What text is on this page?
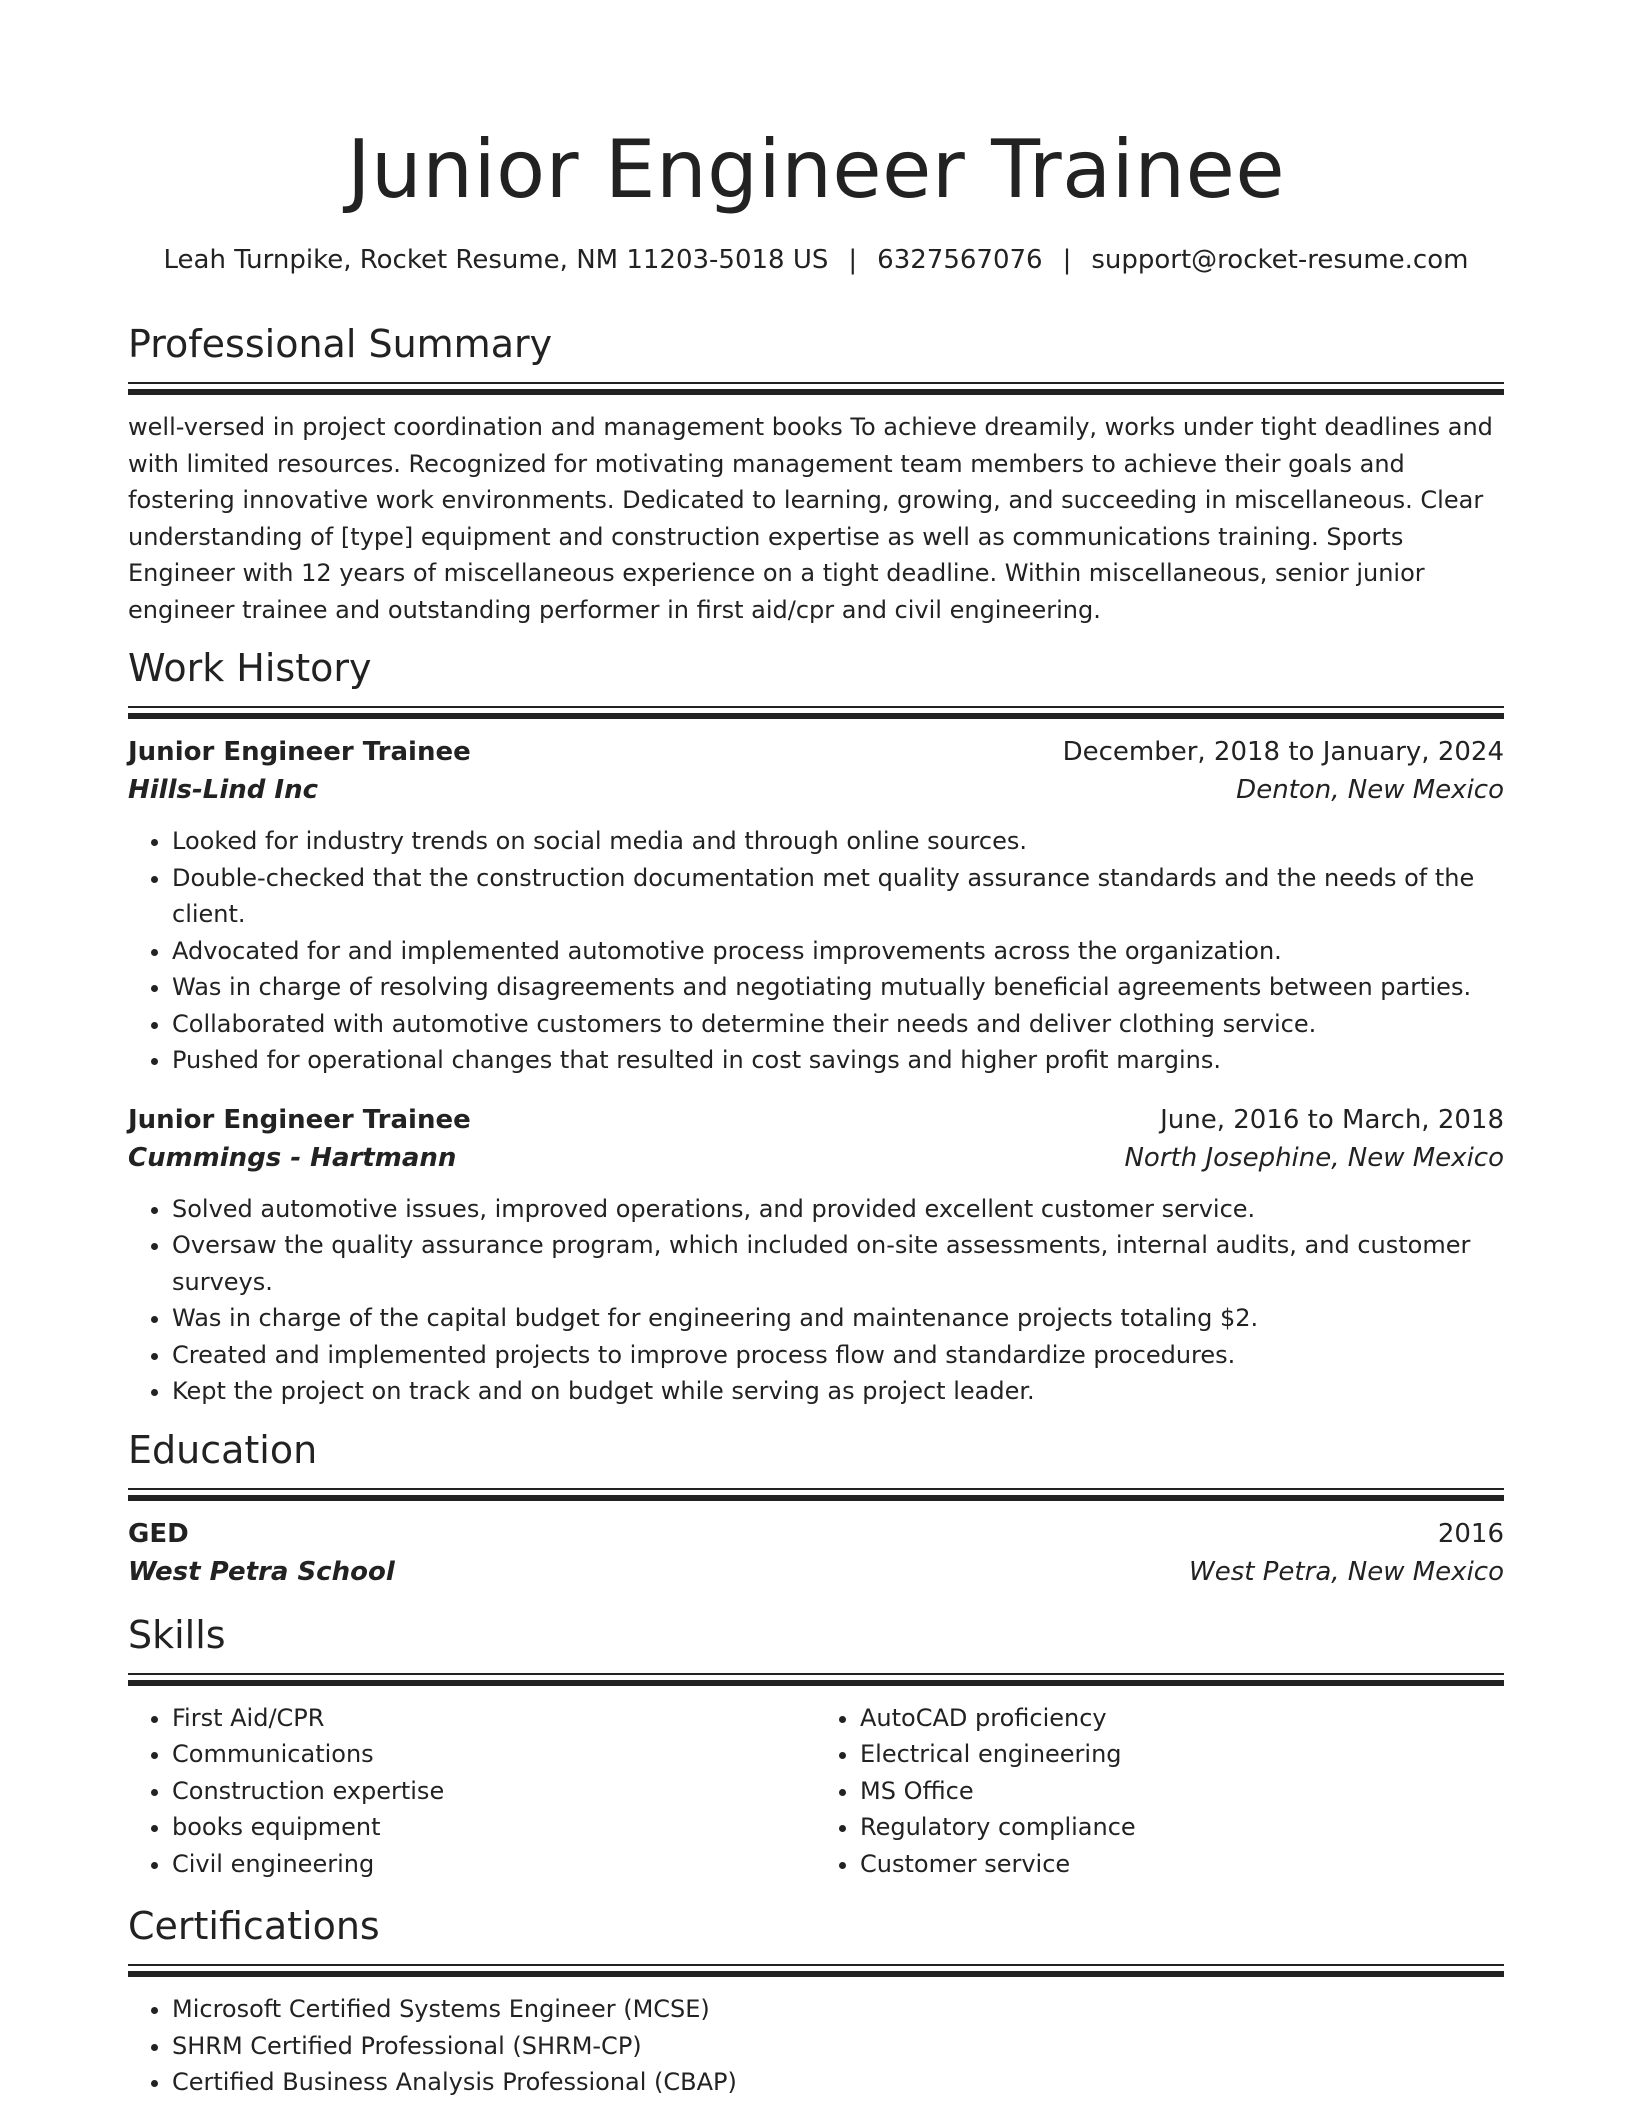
Junior Engineer Trainee
Leah Turnpike, Rocket Resume, NM 11203-5018 US | 6327567076 | support@rocket-resume.com
Professional Summary
well-versed in project coordination and management books To achieve dreamily, works under tight deadlines and with limited resources. Recognized for motivating management team members to achieve their goals and fostering innovative work environments. Dedicated to learning, growing, and succeeding in miscellaneous. Clear understanding of [type] equipment and construction expertise as well as communications training. Sports Engineer with 12 years of miscellaneous experience on a tight deadline. Within miscellaneous, senior junior engineer trainee and outstanding performer in first aid/cpr and civil engineering.
Work History
Junior Engineer Trainee	December, 2018 to January, 2024
Hills-Lind Inc	Denton, New Mexico
• Looked for industry trends on social media and through online sources.
• Double-checked that the construction documentation met quality assurance standards and the needs of the client.
• Advocated for and implemented automotive process improvements across the organization.
• Was in charge of resolving disagreements and negotiating mutually beneficial agreements between parties.
• Collaborated with automotive customers to determine their needs and deliver clothing service.
• Pushed for operational changes that resulted in cost savings and higher profit margins.
Junior Engineer Trainee	June, 2016 to March, 2018
Cummings - Hartmann	North Josephine, New Mexico
• Solved automotive issues, improved operations, and provided excellent customer service.
• Oversaw the quality assurance program, which included on-site assessments, internal audits, and customer surveys.
• Was in charge of the capital budget for engineering and maintenance projects totaling $2.
• Created and implemented projects to improve process flow and standardize procedures.
• Kept the project on track and on budget while serving as project leader.
Education
GED	2016
West Petra School	West Petra, New Mexico
Skills
• First Aid/CPR
• Communications
• Construction expertise
• books equipment
• Civil engineering
• AutoCAD proficiency
• Electrical engineering
• MS Office
• Regulatory compliance
• Customer service
Certifications
• Microsoft Certified Systems Engineer (MCSE)
• SHRM Certified Professional (SHRM-CP)
• Certified Business Analysis Professional (CBAP)
